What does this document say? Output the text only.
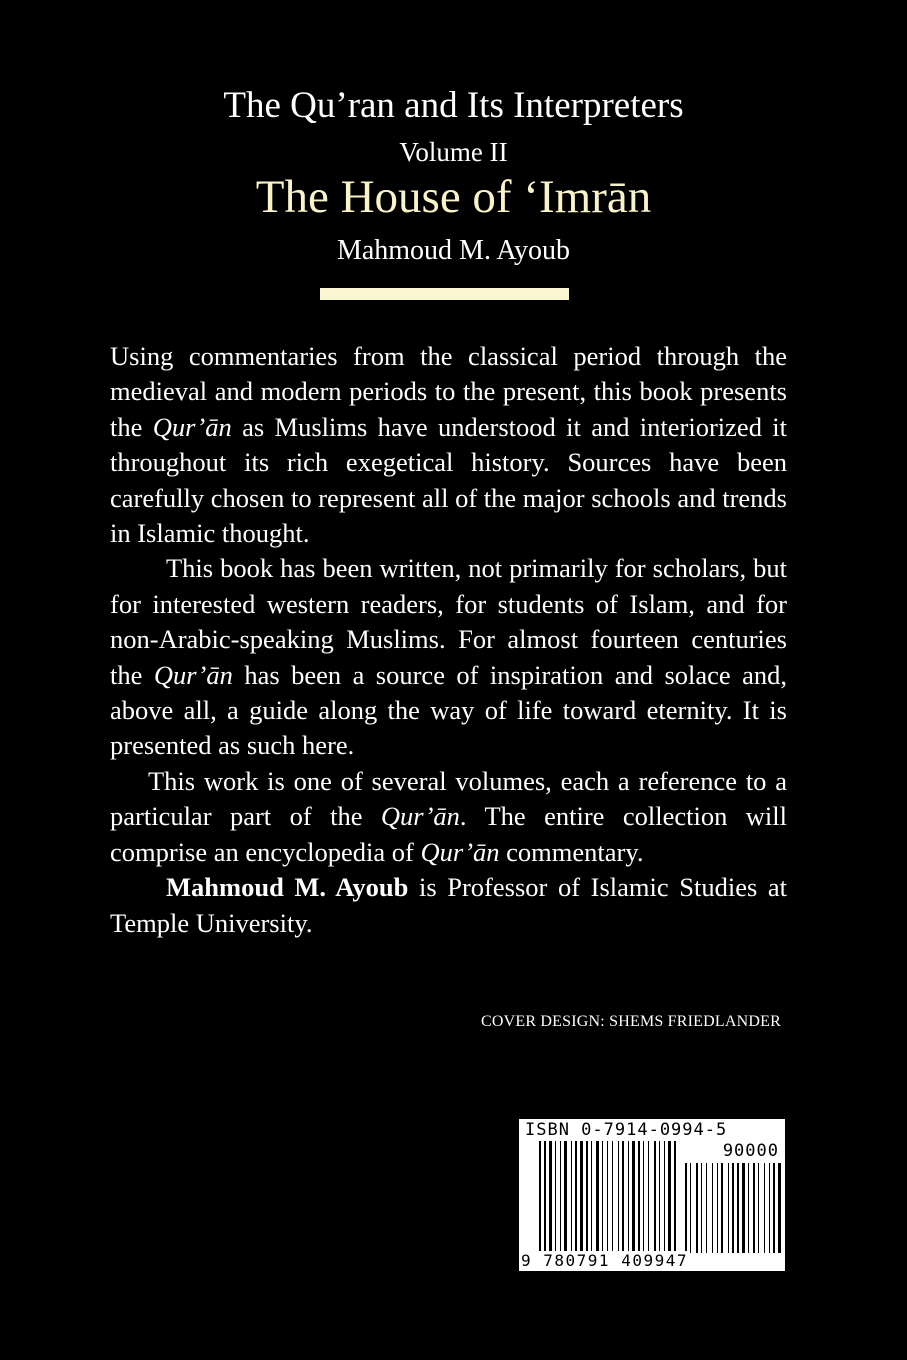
The Qu’ran and Its Interpreters
Volume II
The House of ‘Imrān
Mahmoud M. Ayoub

Using commentaries from the classical period through the medieval and modern periods to the present, this book presents the Qur’ān as Muslims have understood it and interiorized it throughout its rich exegetical history. Sources have been carefully chosen to represent all of the major schools and trends in Islamic thought.

This book has been written, not primarily for scholars, but for interested western readers, for students of Islam, and for non-Arabic-speaking Muslims. For almost fourteen centuries the Qur’ān has been a source of inspiration and solace and, above all, a guide along the way of life toward eternity. It is presented as such here.

This work is one of several volumes, each a reference to a particular part of the Qur’ān. The entire collection will comprise an encyclopedia of Qur’ān commentary.

Mahmoud M. Ayoub is Professor of Islamic Studies at Temple University.

COVER DESIGN: SHEMS FRIEDLANDER
ISBN 0-7914-0994-5
90000
9 780791 409947
